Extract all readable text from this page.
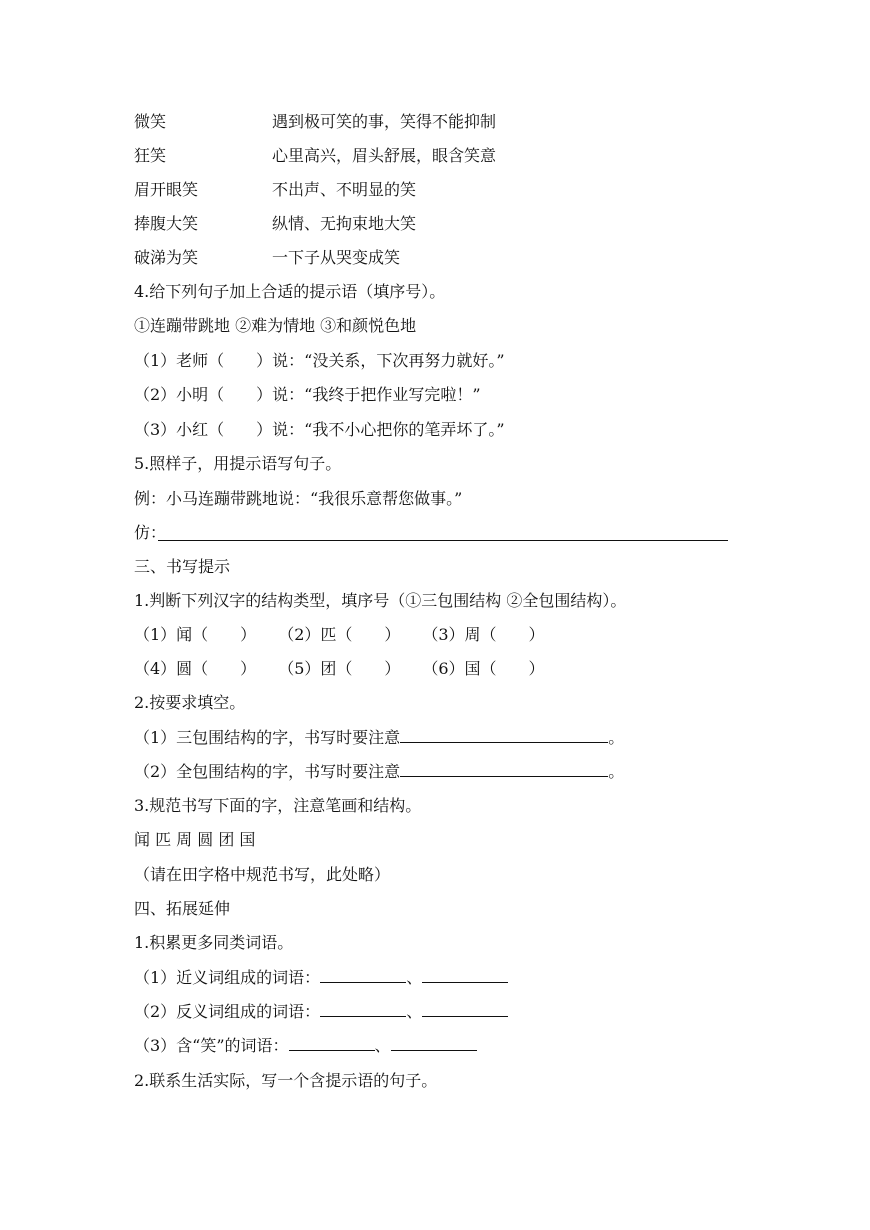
微笑	遇到极可笑的事，笑得不能抑制
狂笑	心里高兴，眉头舒展，眼含笑意
眉开眼笑	不出声、不明显的笑
捧腹大笑	纵情、无拘束地大笑
破涕为笑	一下子从哭变成笑
4.给下列句子加上合适的提示语（填序号）。
①连蹦带跳地 ②难为情地 ③和颜悦色地
（1）老师（　　）说：“没关系，下次再努力就好。”
（2）小明（　　）说：“我终于把作业写完啦！”
（3）小红（　　）说：“我不小心把你的笔弄坏了。”
5.照样子，用提示语写句子。
例：小马连蹦带跳地说：“我很乐意帮您做事。”
仿：
三、书写提示
1.判断下列汉字的结构类型，填序号（①三包围结构 ②全包围结构）。
（1）闻（　　） （2）匹（　　） （3）周（　　）
（4）圆（　　） （5）团（　　） （6）国（　　）
2.按要求填空。
（1）三包围结构的字，书写时要注意	。
（2）全包围结构的字，书写时要注意	。
3.规范书写下面的字，注意笔画和结构。
闻 匹 周 圆 团 国
（请在田字格中规范书写，此处略）
四、拓展延伸
1.积累更多同类词语。
（1）近义词组成的词语：	、
（2）反义词组成的词语：	、
（3）含“笑”的词语：	、
2.联系生活实际，写一个含提示语的句子。
